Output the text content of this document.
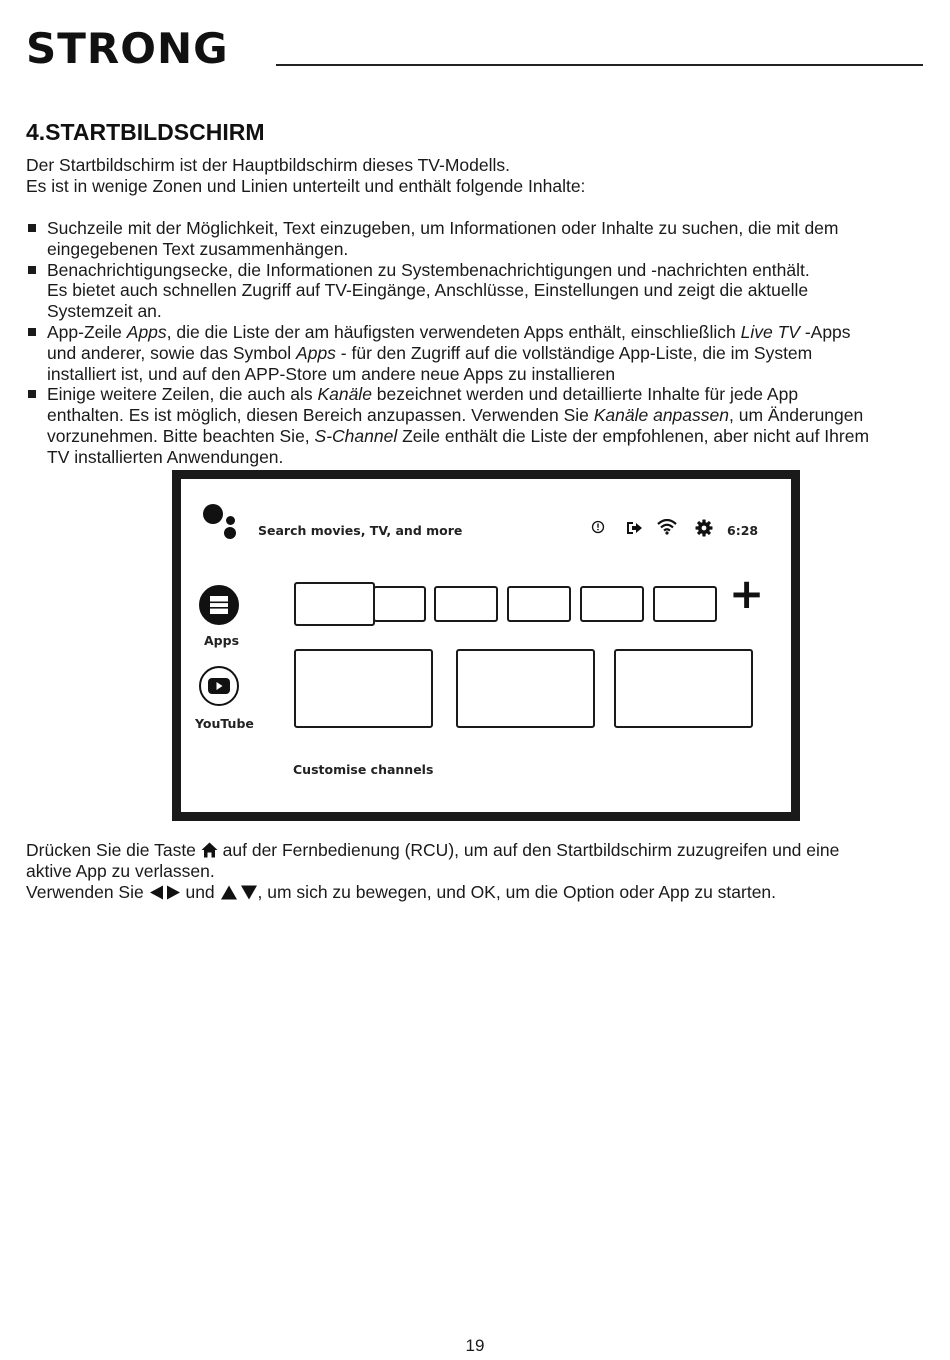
STRONG
4.STARTBILDSCHIRM
Der Startbildschirm ist der Hauptbildschirm dieses TV-Modells.
Es ist in wenige Zonen und Linien unterteilt und enthält folgende Inhalte:
Suchzeile mit der Möglichkeit, Text einzugeben, um Informationen oder Inhalte zu suchen, die mit dem
eingegebenen Text zusammenhängen.
Benachrichtigungsecke, die Informationen zu Systembenachrichtigungen und -nachrichten enthält.
Es bietet auch schnellen Zugriff auf TV-Eingänge, Anschlüsse, Einstellungen und zeigt die aktuelle
Systemzeit an.
App-Zeile Apps, die die Liste der am häufigsten verwendeten Apps enthält, einschließlich Live TV -Apps
und anderer, sowie das Symbol Apps - für den Zugriff auf die vollständige App-Liste, die im System
installiert ist, und auf den APP-Store um andere neue Apps zu installieren
Einige weitere Zeilen, die auch als Kanäle bezeichnet werden und detaillierte Inhalte für jede App
enthalten. Es ist möglich, diesen Bereich anzupassen. Verwenden Sie Kanäle anpassen, um Änderungen
vorzunehmen. Bitte beachten Sie, S-Channel Zeile enthält die Liste der empfohlenen, aber nicht auf Ihrem
TV installierten Anwendungen.
Search movies, TV, and more	6:28
Apps
YouTube
+
Customise channels
Drücken Sie die Taste  auf der Fernbedienung (RCU), um auf den Startbildschirm zuzugreifen und eine
aktive App zu verlassen.
Verwenden Sie  und , um sich zu bewegen, und OK, um die Option oder App zu starten.
19
